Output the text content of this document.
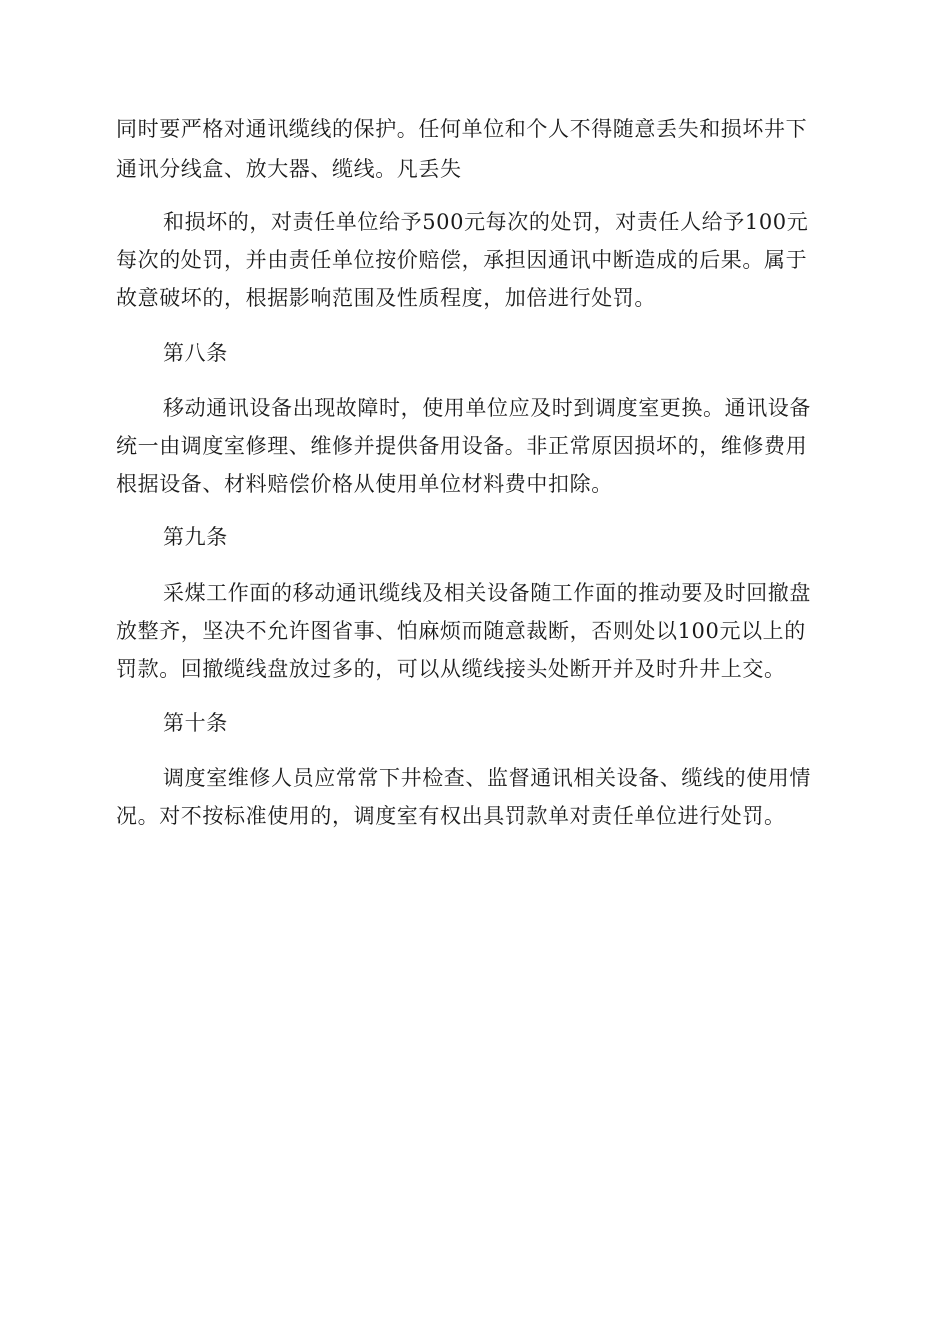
同时要严格对通讯缆线的保护。任何单位和个人不得随意丢失和损坏井下

通讯分线盒、放大器、缆线。凡丢失

和损坏的，对责任单位给予500元每次的处罚，对责任人给予100元

每次的处罚，并由责任单位按价赔偿，承担因通讯中断造成的后果。属于

故意破坏的，根据影响范围及性质程度，加倍进行处罚。

第八条

移动通讯设备出现故障时，使用单位应及时到调度室更换。通讯设备

统一由调度室修理、维修并提供备用设备。非正常原因损坏的，维修费用

根据设备、材料赔偿价格从使用单位材料费中扣除。

第九条

采煤工作面的移动通讯缆线及相关设备随工作面的推动要及时回撤盘

放整齐，坚决不允许图省事、怕麻烦而随意裁断，否则处以100元以上的

罚款。回撤缆线盘放过多的，可以从缆线接头处断开并及时升井上交。

第十条

调度室维修人员应常常下井检查、监督通讯相关设备、缆线的使用情

况。对不按标准使用的，调度室有权出具罚款单对责任单位进行处罚。
